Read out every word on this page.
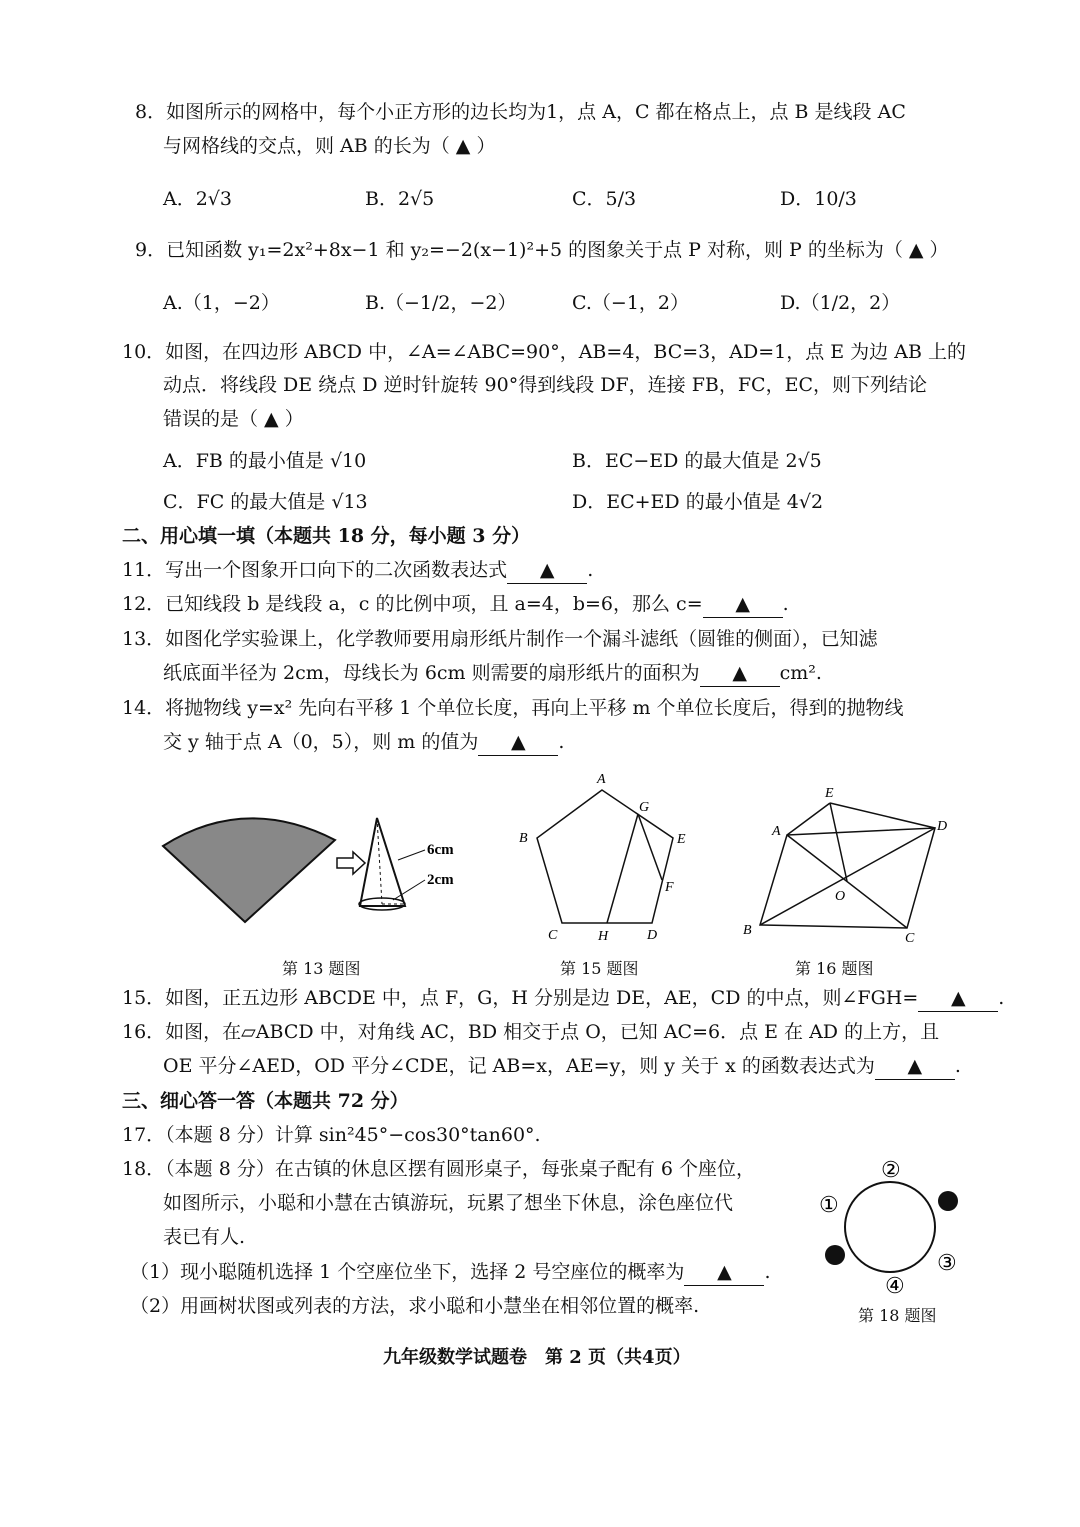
8．如图所示的网格中，每个小正方形的边长均为1，点 A，C 都在格点上，点 B 是线段 AC
与网格线的交点，则 AB 的长为（ ▲ ）
A．2√3	B．2√5	C．5/3	D．10/3
9．已知函数 y₁=2x²+8x−1 和 y₂=−2(x−1)²+5 的图象关于点 P 对称，则 P 的坐标为（ ▲ ）
A.（1，−2）	B.（−1/2，−2）	C.（−1，2）	D.（1/2，2）
10．如图，在四边形 ABCD 中，∠A=∠ABC=90°，AB=4，BC=3，AD=1，点 E 为边 AB 上的
动点．将线段 DE 绕点 D 逆时针旋转 90°得到线段 DF，连接 FB，FC，EC，则下列结论
错误的是（ ▲ ）
A．FB 的最小值是 √10	B．EC−ED 的最大值是 2√5
C．FC 的最大值是 √13	D．EC+ED 的最小值是 4√2
二、用心填一填（本题共 18 分，每小题 3 分）
11．写出一个图象开口向下的二次函数表达式 ▲ .
12．已知线段 b 是线段 a，c 的比例中项，且 a=4，b=6，那么 c= ▲ .
13．如图化学实验课上，化学教师要用扇形纸片制作一个漏斗滤纸（圆锥的侧面），已知滤
纸底面半径为 2cm，母线长为 6cm 则需要的扇形纸片的面积为 ▲ cm².
14．将抛物线 y=x² 先向右平移 1 个单位长度，再向上平移 m 个单位长度后，得到的抛物线
交 y 轴于点 A（0，5），则 m 的值为 ▲ .
6cm
2cm
第 13 题图
A
B
C	D
E
F
G
H
第 15 题图
A
B
C
D
E
O
第 16 题图
15．如图，正五边形 ABCDE 中，点 F，G，H 分别是边 DE，AE，CD 的中点，则∠FGH= ▲ .
16．如图，在▱ABCD 中，对角线 AC，BD 相交于点 O，已知 AC=6．点 E 在 AD 的上方，且
OE 平分∠AED，OD 平分∠CDE，记 AB=x，AE=y，则 y 关于 x 的函数表达式为 ▲ .
三、细心答一答（本题共 72 分）
17．（本题 8 分）计算 sin²45°−cos30°tan60°.
18．（本题 8 分）在古镇的休息区摆有圆形桌子，每张桌子配有 6 个座位，
如图所示，小聪和小慧在古镇游玩，玩累了想坐下休息，涂色座位代
表已有人.
（1）现小聪随机选择 1 个空座位坐下，选择 2 号空座位的概率为 ▲ .
（2）用画树状图或列表的方法，求小聪和小慧坐在相邻位置的概率.
②
①
③
④
第 18 题图
九年级数学试题卷　第 2 页（共4页）
